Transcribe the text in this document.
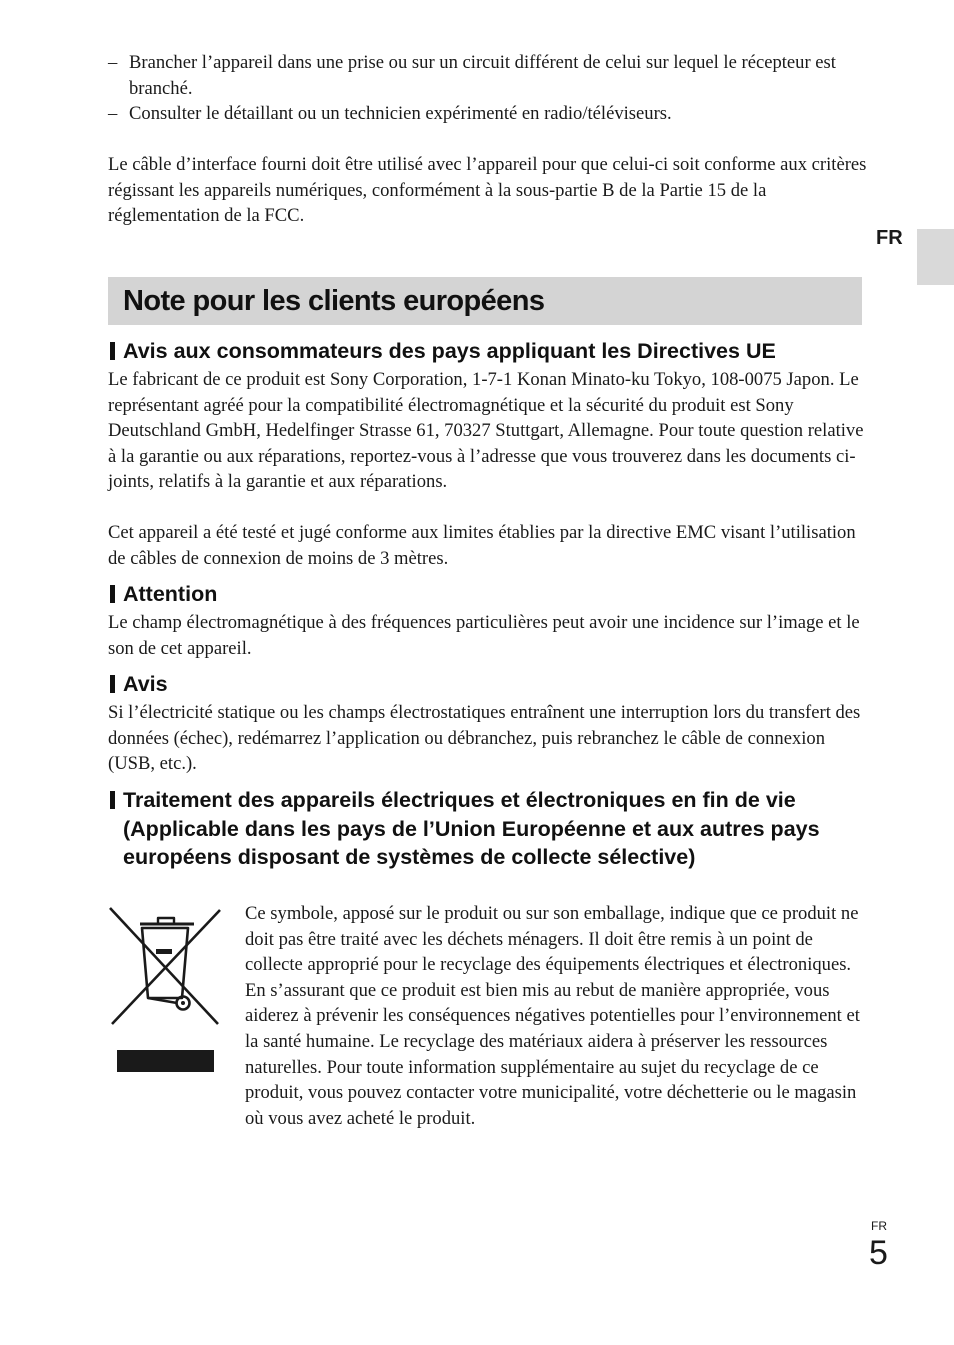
– Brancher l’appareil dans une prise ou sur un circuit différent de celui sur lequel le récepteur est branché.
– Consulter le détaillant ou un technicien expérimenté en radio/téléviseurs.
Le câble d’interface fourni doit être utilisé avec l’appareil pour que celui-ci soit conforme aux critères régissant les appareils numériques, conformément à la sous-partie B de la Partie 15 de la réglementation de la FCC.
FR
Note pour les clients européens
Avis aux consommateurs des pays appliquant les Directives UE
Le fabricant de ce produit est Sony Corporation, 1-7-1 Konan Minato-ku Tokyo, 108-0075 Japon. Le représentant agréé pour la compatibilité électromagnétique et la sécurité du produit est Sony Deutschland GmbH, Hedelfinger Strasse 61, 70327 Stuttgart, Allemagne. Pour toute question relative à la garantie ou aux réparations, reportez-vous à l’adresse que vous trouverez dans les documents ci-joints, relatifs à la garantie et aux réparations.
Cet appareil a été testé et jugé conforme aux limites établies par la directive EMC visant l’utilisation de câbles de connexion de moins de 3 mètres.
Attention
Le champ électromagnétique à des fréquences particulières peut avoir une incidence sur l’image et le son de cet appareil.
Avis
Si l’électricité statique ou les champs électrostatiques entraînent une interruption lors du transfert des données (échec), redémarrez l’application ou débranchez, puis rebranchez le câble de connexion (USB, etc.).
Traitement des appareils électriques et électroniques en fin de vie (Applicable dans les pays de l’Union Européenne et aux autres pays européens disposant de systèmes de collecte sélective)
Ce symbole, apposé sur le produit ou sur son emballage, indique que ce produit ne doit pas être traité avec les déchets ménagers. Il doit être remis à un point de collecte approprié pour le recyclage des équipements électriques et électroniques. En s’assurant que ce produit est bien mis au rebut de manière appropriée, vous aiderez à prévenir les conséquences négatives potentielles pour l’environnement et la santé humaine. Le recyclage des matériaux aidera à préserver les ressources naturelles. Pour toute information supplémentaire au sujet du recyclage de ce produit, vous pouvez contacter votre municipalité, votre déchetterie ou le magasin où vous avez acheté le produit.
FR
5
